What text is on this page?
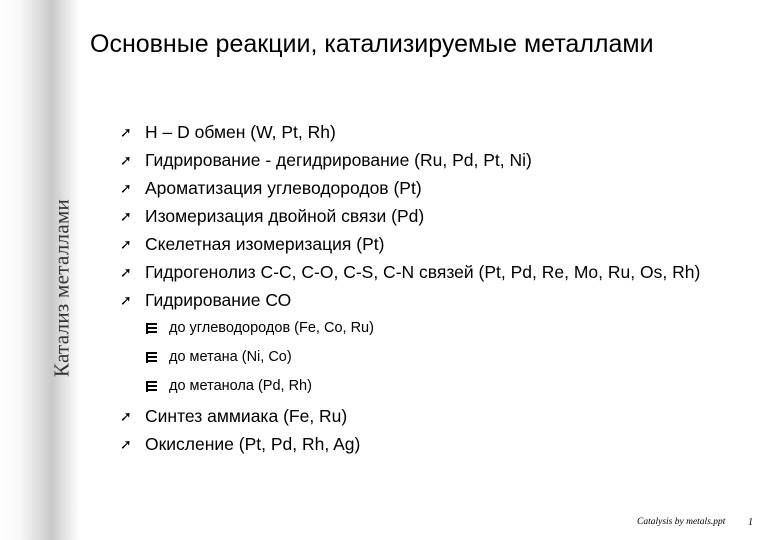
Катализ металлами
Основные реакции, катализируемые металлами
➚ Н – D обмен (W, Pt, Rh)
➚ Гидрирование - дегидрирование (Ru, Pd, Pt, Ni)
➚ Ароматизация углеводородов (Pt)
➚ Изомеризация двойной связи (Pd)
➚ Скелетная изомеризация (Pt)
➚ Гидрогенолиз С-С, С-О, С-S, C-N связей (Pt, Pd, Re, Mo, Ru, Os, Rh)
➚ Гидрирование СО
до углеводородов (Fe, Co, Ru)
до метана (Ni, Co)
до метанола (Pd, Rh)
➚ Синтез аммиака (Fe, Ru)
➚ Окисление (Pt, Pd, Rh, Ag)
Catalysis by metals.ppt 1
